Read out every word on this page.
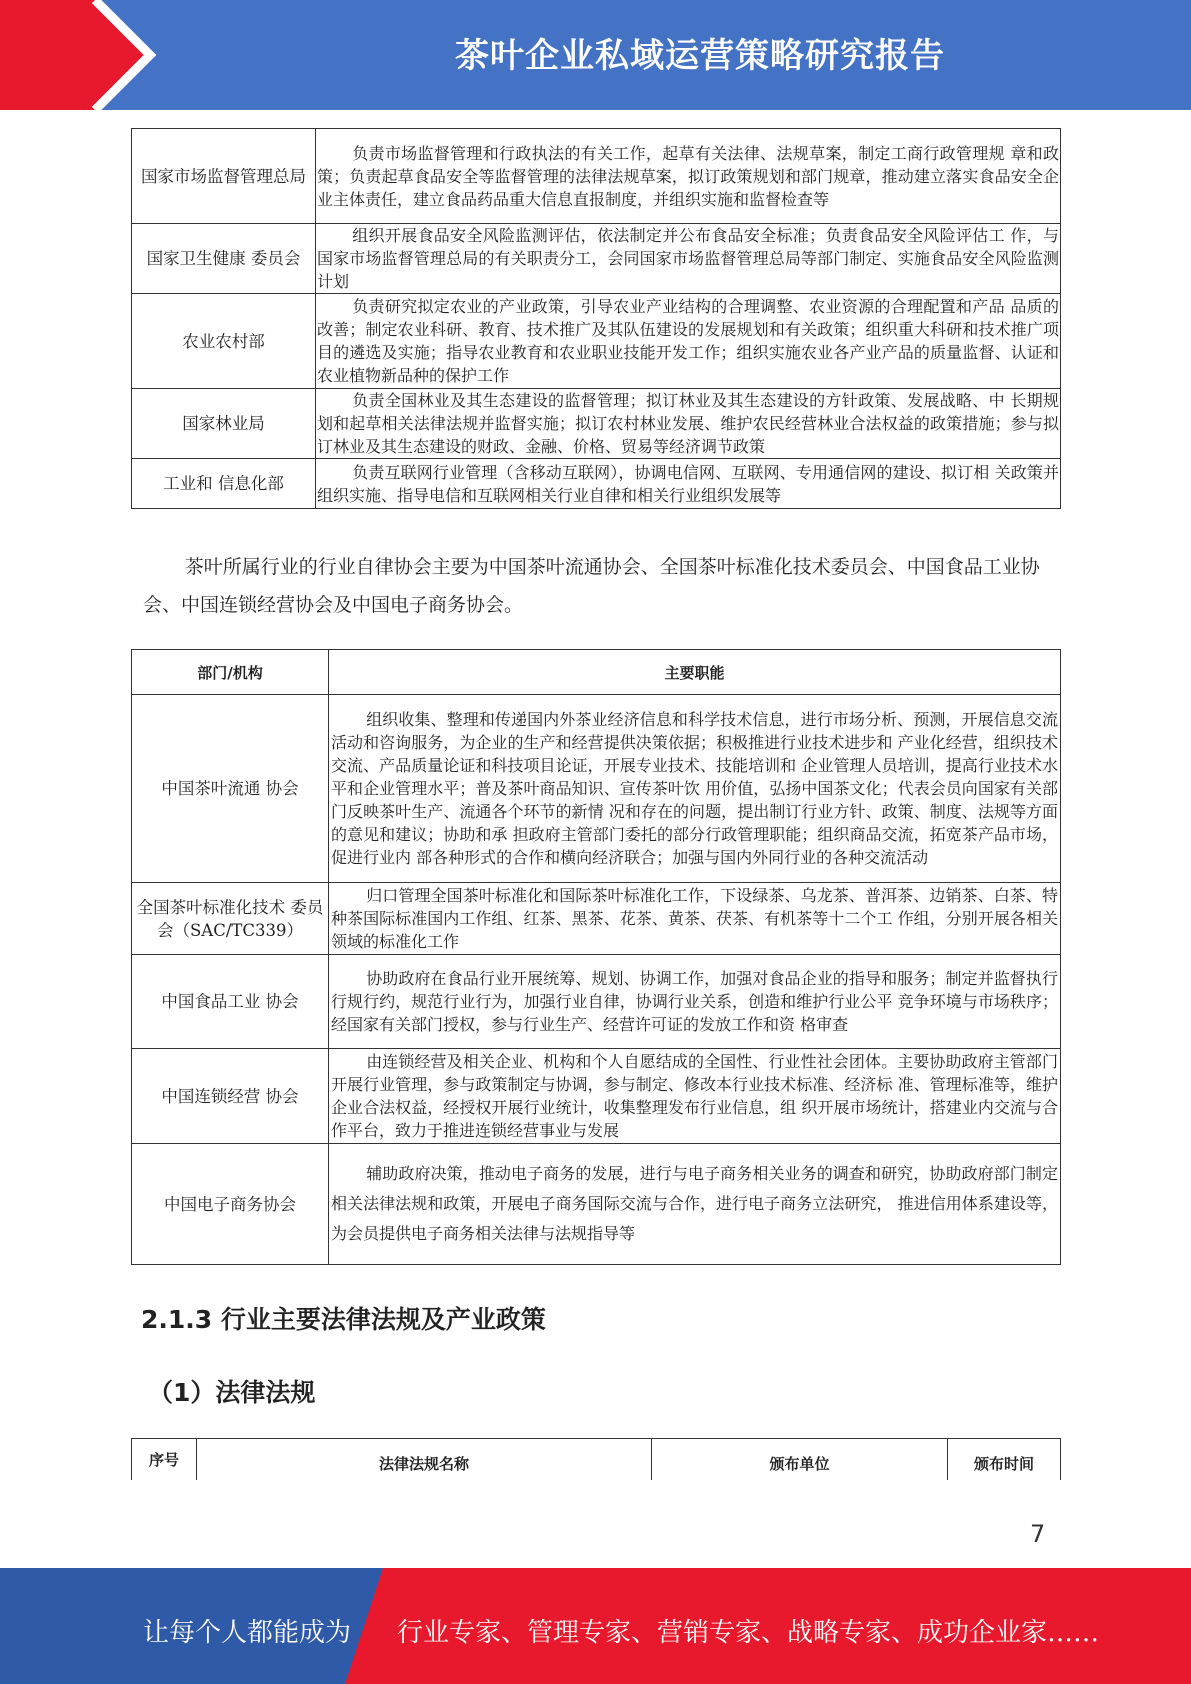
茶叶企业私域运营策略研究报告
国家市场监督管理总局	负责市场监督管理和行政执法的有关工作，起草有关法律、法规草案，制定工商行政管理规 章和政策；负责起草食品安全等监督管理的法律法规草案，拟订政策规划和部门规章，推动建立落实食品安全企业主体责任，建立食品药品重大信息直报制度，并组织实施和监督检查等
国家卫生健康 委员会	组织开展食品安全风险监测评估，依法制定并公布食品安全标准；负责食品安全风险评估工 作，与国家市场监督管理总局的有关职责分工，会同国家市场监督管理总局等部门制定、实施食品安全风险监测计划
农业农村部	负责研究拟定农业的产业政策，引导农业产业结构的合理调整、农业资源的合理配置和产品 品质的改善；制定农业科研、教育、技术推广及其队伍建设的发展规划和有关政策；组织重大科研和技术推广项目的遴选及实施；指导农业教育和农业职业技能开发工作；组织实施农业各产业产品的质量监督、认证和农业植物新品种的保护工作
国家林业局	负责全国林业及其生态建设的监督管理；拟订林业及其生态建设的方针政策、发展战略、中 长期规划和起草相关法律法规并监督实施；拟订农村林业发展、维护农民经营林业合法权益的政策措施；参与拟订林业及其生态建设的财政、金融、价格、贸易等经济调节政策
工业和 信息化部	负责互联网行业管理（含移动互联网），协调电信网、互联网、专用通信网的建设、拟订相 关政策并组织实施、指导电信和互联网相关行业自律和相关行业组织发展等
茶叶所属行业的行业自律协会主要为中国茶叶流通协会、全国茶叶标准化技术委员会、中国食品工业协会、中国连锁经营协会及中国电子商务协会。
部门/机构	主要职能
中国茶叶流通 协会	组织收集、整理和传递国内外茶业经济信息和科学技术信息，进行市场分析、预测，开展信息交流活动和咨询服务，为企业的生产和经营提供决策依据；积极推进行业技术进步和 产业化经营，组织技术交流、产品质量论证和科技项目论证，开展专业技术、技能培训和 企业管理人员培训，提高行业技术水平和企业管理水平；普及茶叶商品知识、宣传茶叶饮 用价值，弘扬中国茶文化；代表会员向国家有关部门反映茶叶生产、流通各个环节的新情 况和存在的问题，提出制订行业方针、政策、制度、法规等方面的意见和建议；协助和承 担政府主管部门委托的部分行政管理职能；组织商品交流，拓宽茶产品市场，促进行业内 部各种形式的合作和横向经济联合；加强与国内外同行业的各种交流活动
全国茶叶标准化技术 委员会（SAC/TC339）	归口管理全国茶叶标准化和国际茶叶标准化工作，下设绿茶、乌龙茶、普洱茶、边销茶、白茶、特种茶国际标准国内工作组、红茶、黑茶、花茶、黄茶、茯茶、有机茶等十二个工 作组，分别开展各相关领域的标准化工作
中国食品工业 协会	协助政府在食品行业开展统筹、规划、协调工作，加强对食品企业的指导和服务；制定并监督执行行规行约，规范行业行为，加强行业自律，协调行业关系，创造和维护行业公平 竞争环境与市场秩序；经国家有关部门授权，参与行业生产、经营许可证的发放工作和资 格审查
中国连锁经营 协会	由连锁经营及相关企业、机构和个人自愿结成的全国性、行业性社会团体。主要协助政府主管部门开展行业管理，参与政策制定与协调，参与制定、修改本行业技术标准、经济标 准、管理标准等，维护企业合法权益，经授权开展行业统计，收集整理发布行业信息，组 织开展市场统计，搭建业内交流与合作平台，致力于推进连锁经营事业与发展
中国电子商务协会	辅助政府决策，推动电子商务的发展，进行与电子商务相关业务的调查和研究，协助政府部门制定相关法律法规和政策，开展电子商务国际交流与合作，进行电子商务立法研究， 推进信用体系建设等，为会员提供电子商务相关法律与法规指导等
2.1.3 行业主要法律法规及产业政策
（1）法律法规
序号	法律法规名称	颁布单位	颁布时间

7
让每个人都能成为 行业专家、管理专家、营销专家、战略专家、成功企业家……
